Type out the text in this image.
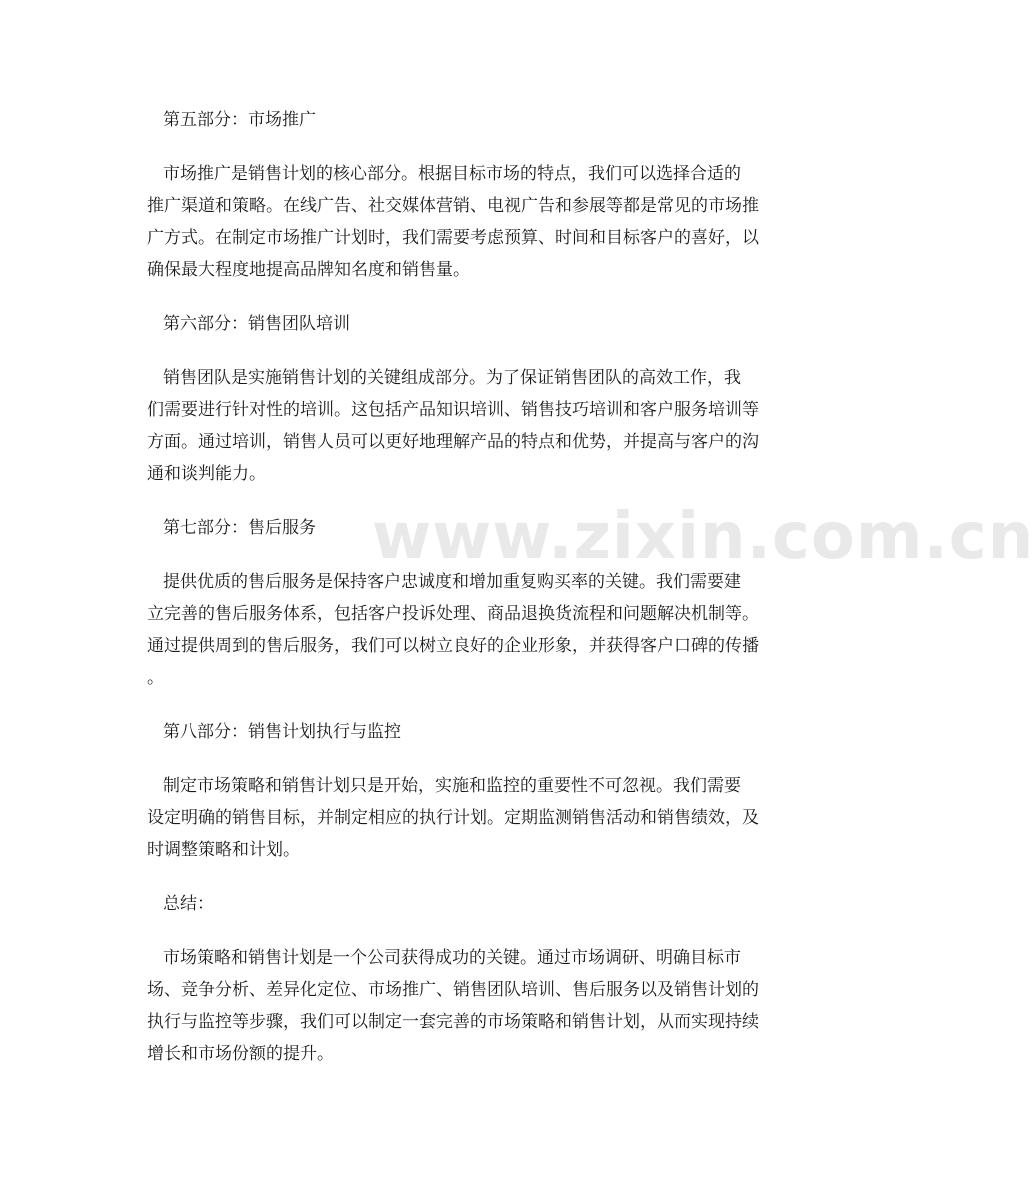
www.zixin.com.cn
第五部分：市场推广
市场推广是销售计划的核心部分。根据目标市场的特点，我们可以选择合适的
推广渠道和策略。在线广告、社交媒体营销、电视广告和参展等都是常见的市场推
广方式。在制定市场推广计划时，我们需要考虑预算、时间和目标客户的喜好，以
确保最大程度地提高品牌知名度和销售量。
第六部分：销售团队培训
销售团队是实施销售计划的关键组成部分。为了保证销售团队的高效工作，我
们需要进行针对性的培训。这包括产品知识培训、销售技巧培训和客户服务培训等
方面。通过培训，销售人员可以更好地理解产品的特点和优势，并提高与客户的沟
通和谈判能力。
第七部分：售后服务
提供优质的售后服务是保持客户忠诚度和增加重复购买率的关键。我们需要建
立完善的售后服务体系，包括客户投诉处理、商品退换货流程和问题解决机制等。
通过提供周到的售后服务，我们可以树立良好的企业形象，并获得客户口碑的传播
。
第八部分：销售计划执行与监控
制定市场策略和销售计划只是开始，实施和监控的重要性不可忽视。我们需要
设定明确的销售目标，并制定相应的执行计划。定期监测销售活动和销售绩效，及
时调整策略和计划。
总结：
市场策略和销售计划是一个公司获得成功的关键。通过市场调研、明确目标市
场、竞争分析、差异化定位、市场推广、销售团队培训、售后服务以及销售计划的
执行与监控等步骤，我们可以制定一套完善的市场策略和销售计划，从而实现持续
增长和市场份额的提升。
